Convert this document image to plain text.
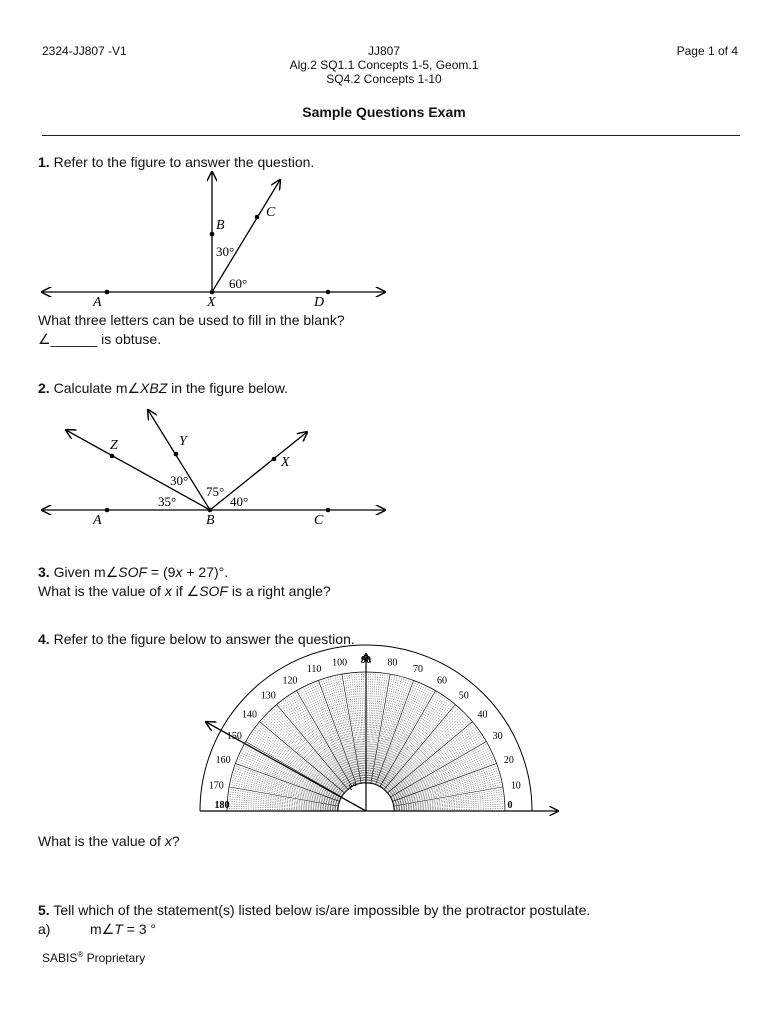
2324-JJ807 -V1	JJ807
Alg.2 SQ1.1 Concepts 1-5, Geom.1
SQ4.2 Concepts 1-10
Page 1 of 4
Sample Questions Exam
1. Refer to the figure to answer the question.
A	X	D
B
C
30°
60°
What three letters can be used to fill in the blank?
∠______ is obtuse.
2. Calculate m∠XBZ in the figure below.
Z	Y
X
A	B	C
30°
75°
35°	40°
3. Given m∠SOF = (9x + 27)°.
What is the value of x if ∠SOF is a right angle?
4. Refer to the figure below to answer the question.
0
10
20
30
40
50
60
70
80
90
100
110
120
130
140
150
160
170
180
x°
What is the value of x?
5. Tell which of the statement(s) listed below is/are impossible by the protractor postulate.
a)	m∠T = 3 °
SABIS® Proprietary
